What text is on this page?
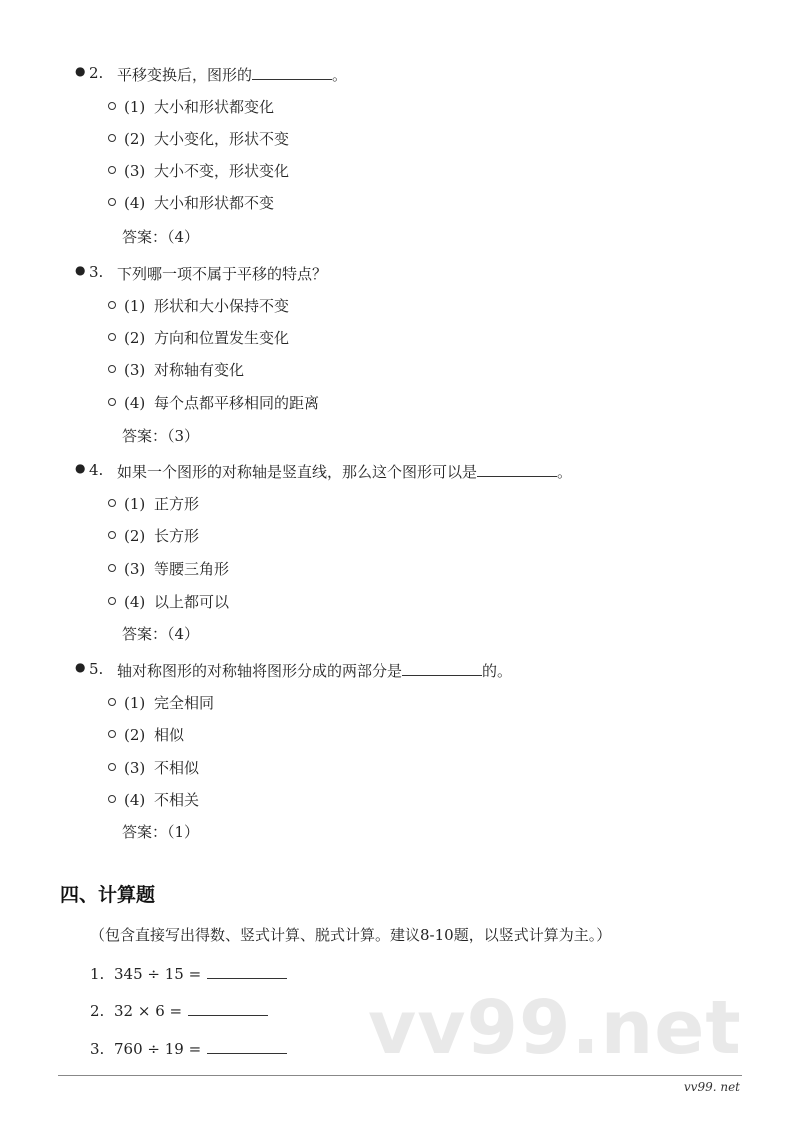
● 2. 平移变换后，图形的	。
(1) 大小和形状都变化
(2) 大小变化，形状不变
(3) 大小不变，形状变化
(4) 大小和形状都不变
答案：（4）
● 3. 下列哪一项不属于平移的特点？
(1) 形状和大小保持不变
(2) 方向和位置发生变化
(3) 对称轴有变化
(4) 每个点都平移相同的距离
答案：（3）
● 4. 如果一个图形的对称轴是竖直线，那么这个图形可以是	。
(1) 正方形
(2) 长方形
(3) 等腰三角形
(4) 以上都可以
答案：（4）
● 5. 轴对称图形的对称轴将图形分成的两部分是	的。
(1) 完全相同
(2) 相似
(3) 不相似
(4) 不相关
答案：（1）
四、计算题
（包含直接写出得数、竖式计算、脱式计算。建议8-10题，以竖式计算为主。）
1. 345 ÷ 15 =
2. 32 × 6 =
3. 760 ÷ 19 =	vv99.net
vv99. net
